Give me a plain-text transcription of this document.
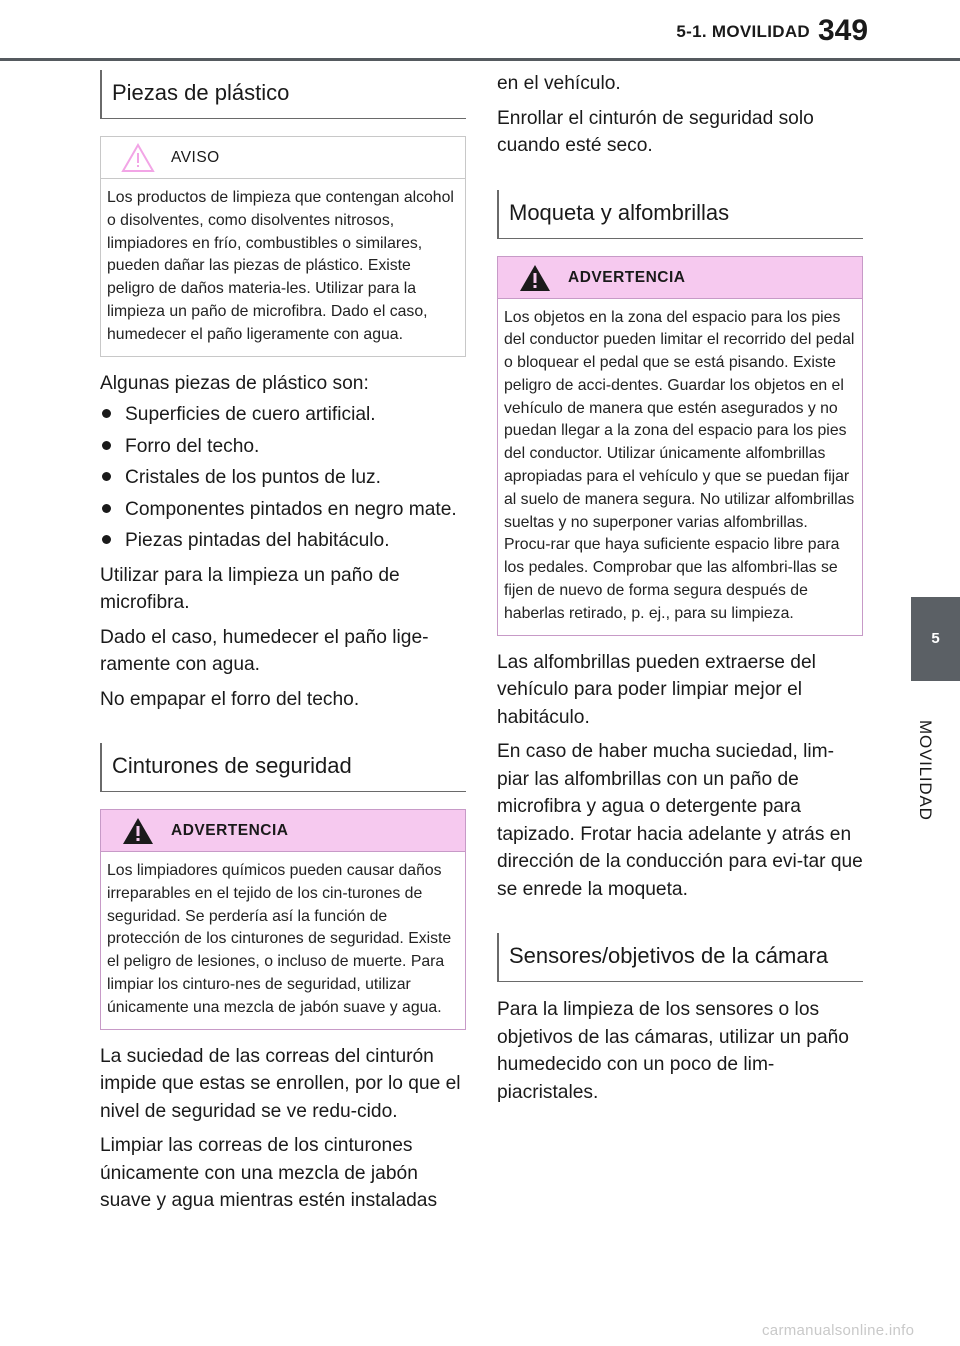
5-1. MOVILIDAD 349
5
MOVILIDAD
Piezas de plástico
AVISO
Los productos de limpieza que contengan alcohol o disolventes, como disolventes nitrosos, limpiadores en frío, combustibles o similares, pueden dañar las piezas de plástico. Existe peligro de daños materia-les. Utilizar para la limpieza un paño de microfibra. Dado el caso, humedecer el paño ligeramente con agua.

Algunas piezas de plástico son:

Superficies de cuero artificial.
Forro del techo.
Cristales de los puntos de luz.
Componentes pintados en negro mate.
Piezas pintadas del habitáculo.

Utilizar para la limpieza un paño de microfibra.

Dado el caso, humedecer el paño lige-ramente con agua.

No empapar el forro del techo.

Cinturones de seguridad
ADVERTENCIA
Los limpiadores químicos pueden causar daños irreparables en el tejido de los cin-turones de seguridad. Se perdería así la función de protección de los cinturones de seguridad. Existe el peligro de lesiones, o incluso de muerte. Para limpiar los cinturo-nes de seguridad, utilizar únicamente una mezcla de jabón suave y agua.

La suciedad de las correas del cinturón impide que estas se enrollen, por lo que el nivel de seguridad se ve redu-cido.

Limpiar las correas de los cinturones únicamente con una mezcla de jabón suave y agua mientras estén instaladas

en el vehículo.

Enrollar el cinturón de seguridad solo cuando esté seco.

Moqueta y alfombrillas
ADVERTENCIA
Los objetos en la zona del espacio para los pies del conductor pueden limitar el recorrido del pedal o bloquear el pedal que se está pisando. Existe peligro de acci-dentes. Guardar los objetos en el vehículo de manera que estén asegurados y no puedan llegar a la zona del espacio para los pies del conductor. Utilizar únicamente alfombrillas apropiadas para el vehículo y que se puedan fijar al suelo de manera segura. No utilizar alfombrillas sueltas y no superponer varias alfombrillas. Procu-rar que haya suficiente espacio libre para los pedales. Comprobar que las alfombri-llas se fijen de nuevo de forma segura después de haberlas retirado, p. ej., para su limpieza.

Las alfombrillas pueden extraerse del vehículo para poder limpiar mejor el habitáculo.

En caso de haber mucha suciedad, lim-piar las alfombrillas con un paño de microfibra y agua o detergente para tapizado. Frotar hacia adelante y atrás en dirección de la conducción para evi-tar que se enrede la moqueta.

Sensores/objetivos de la cámara

Para la limpieza de los sensores o los objetivos de las cámaras, utilizar un paño humedecido con un poco de lim-piacristales.

carmanualsonline.info
